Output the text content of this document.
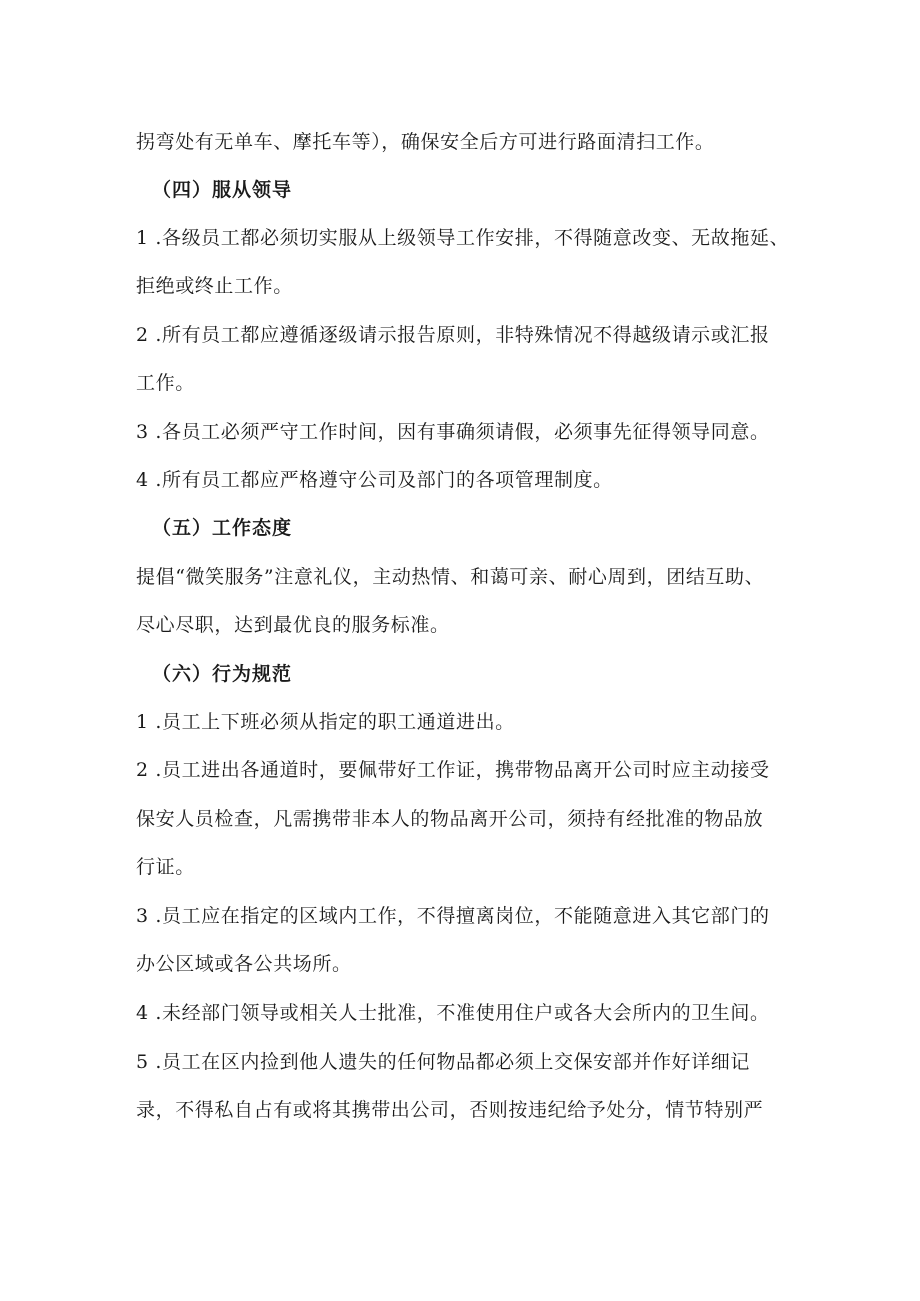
拐弯处有无单车、摩托车等），确保安全后方可进行路面清扫工作。
（四）服从领导
1 .各级员工都必须切实服从上级领导工作安排，不得随意改变、无故拖延、
拒绝或终止工作。
2 .所有员工都应遵循逐级请示报告原则，非特殊情况不得越级请示或汇报
工作。
3 .各员工必须严守工作时间，因有事确须请假，必须事先征得领导同意。
4 .所有员工都应严格遵守公司及部门的各项管理制度。
（五）工作态度
提倡“微笑服务”注意礼仪，主动热情、和蔼可亲、耐心周到，团结互助、
尽心尽职，达到最优良的服务标准。
（六）行为规范
1 .员工上下班必须从指定的职工通道进出。
2 .员工进出各通道时，要佩带好工作证，携带物品离开公司时应主动接受
保安人员检查，凡需携带非本人的物品离开公司，须持有经批准的物品放
行证。
3 .员工应在指定的区域内工作，不得擅离岗位，不能随意进入其它部门的
办公区域或各公共场所。
4 .未经部门领导或相关人士批准，不准使用住户或各大会所内的卫生间。
5 .员工在区内捡到他人遗失的任何物品都必须上交保安部并作好详细记
录，不得私自占有或将其携带出公司，否则按违纪给予处分，情节特别严
